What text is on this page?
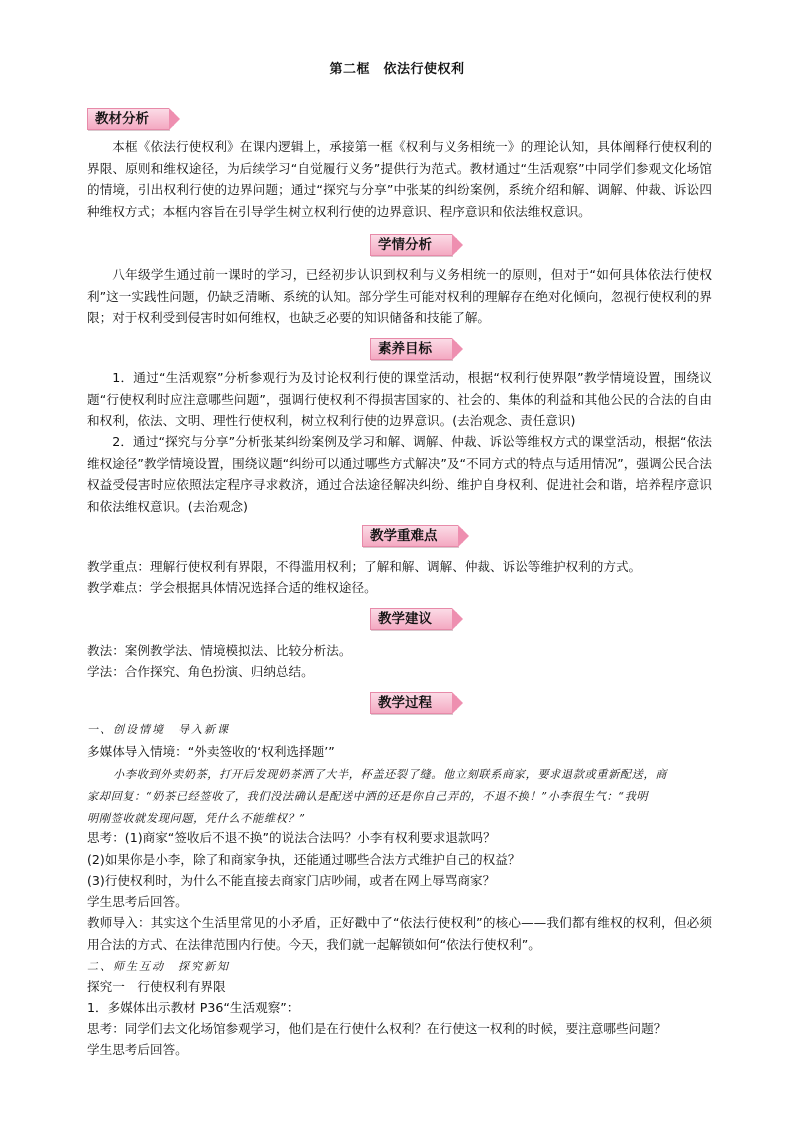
第二框　依法行使权利
教材分析
本框《依法行使权利》在课内逻辑上，承接第一框《权利与义务相统一》的理论认知，具体阐释行使权利的界限、原则和维权途径，为后续学习“自觉履行义务”提供行为范式。教材通过“生活观察”中同学们参观文化场馆的情境，引出权利行使的边界问题；通过“探究与分享”中张某的纠纷案例，系统介绍和解、调解、仲裁、诉讼四种维权方式；本框内容旨在引导学生树立权利行使的边界意识、程序意识和依法维权意识。
学情分析
八年级学生通过前一课时的学习，已经初步认识到权利与义务相统一的原则，但对于“如何具体依法行使权利”这一实践性问题，仍缺乏清晰、系统的认知。部分学生可能对权利的理解存在绝对化倾向，忽视行使权利的界限；对于权利受到侵害时如何维权，也缺乏必要的知识储备和技能了解。
素养目标
1．通过“生活观察”分析参观行为及讨论权利行使的课堂活动，根据“权利行使界限”教学情境设置，围绕议题“行使权利时应注意哪些问题”，强调行使权利不得损害国家的、社会的、集体的利益和其他公民的合法的自由和权利，依法、文明、理性行使权利，树立权利行使的边界意识。(去治观念、责任意识)
2．通过“探究与分享”分析张某纠纷案例及学习和解、调解、仲裁、诉讼等维权方式的课堂活动，根据“依法维权途径”教学情境设置，围绕议题“纠纷可以通过哪些方式解决”及“不同方式的特点与适用情况”，强调公民合法权益受侵害时应依照法定程序寻求救济，通过合法途径解决纠纷、维护自身权利、促进社会和谐，培养程序意识和依法维权意识。(去治观念)
教学重难点
教学重点：理解行使权利有界限，不得滥用权利；了解和解、调解、仲裁、诉讼等维护权利的方式。
教学难点：学会根据具体情况选择合适的维权途径。
教学建议
教法：案例教学法、情境模拟法、比较分析法。
学法：合作探究、角色扮演、归纳总结。
教学过程
一、创设情境　导入新课
多媒体导入情境：“外卖签收的‘权利选择题’”
小李收到外卖奶茶，打开后发现奶茶洒了大半，杯盖还裂了缝。他立刻联系商家，要求退款或重新配送，商
家却回复：“奶茶已经签收了，我们没法确认是配送中洒的还是你自己弄的，不退不换！”小李很生气：“我明
明刚签收就发现问题，凭什么不能维权？”
思考：(1)商家“签收后不退不换”的说法合法吗？小李有权利要求退款吗？
(2)如果你是小李，除了和商家争执，还能通过哪些合法方式维护自己的权益？
(3)行使权利时，为什么不能直接去商家门店吵闹，或者在网上辱骂商家？
学生思考后回答。
教师导入：其实这个生活里常见的小矛盾，正好戳中了“依法行使权利”的核心——我们都有维权的权利，但必须用合法的方式、在法律范围内行使。今天，我们就一起解锁如何“依法行使权利”。
二、师生互动　探究新知
探究一　行使权利有界限
1．多媒体出示教材 P36“生活观察”：
思考：同学们去文化场馆参观学习，他们是在行使什么权利？在行使这一权利的时候，要注意哪些问题？
学生思考后回答。
